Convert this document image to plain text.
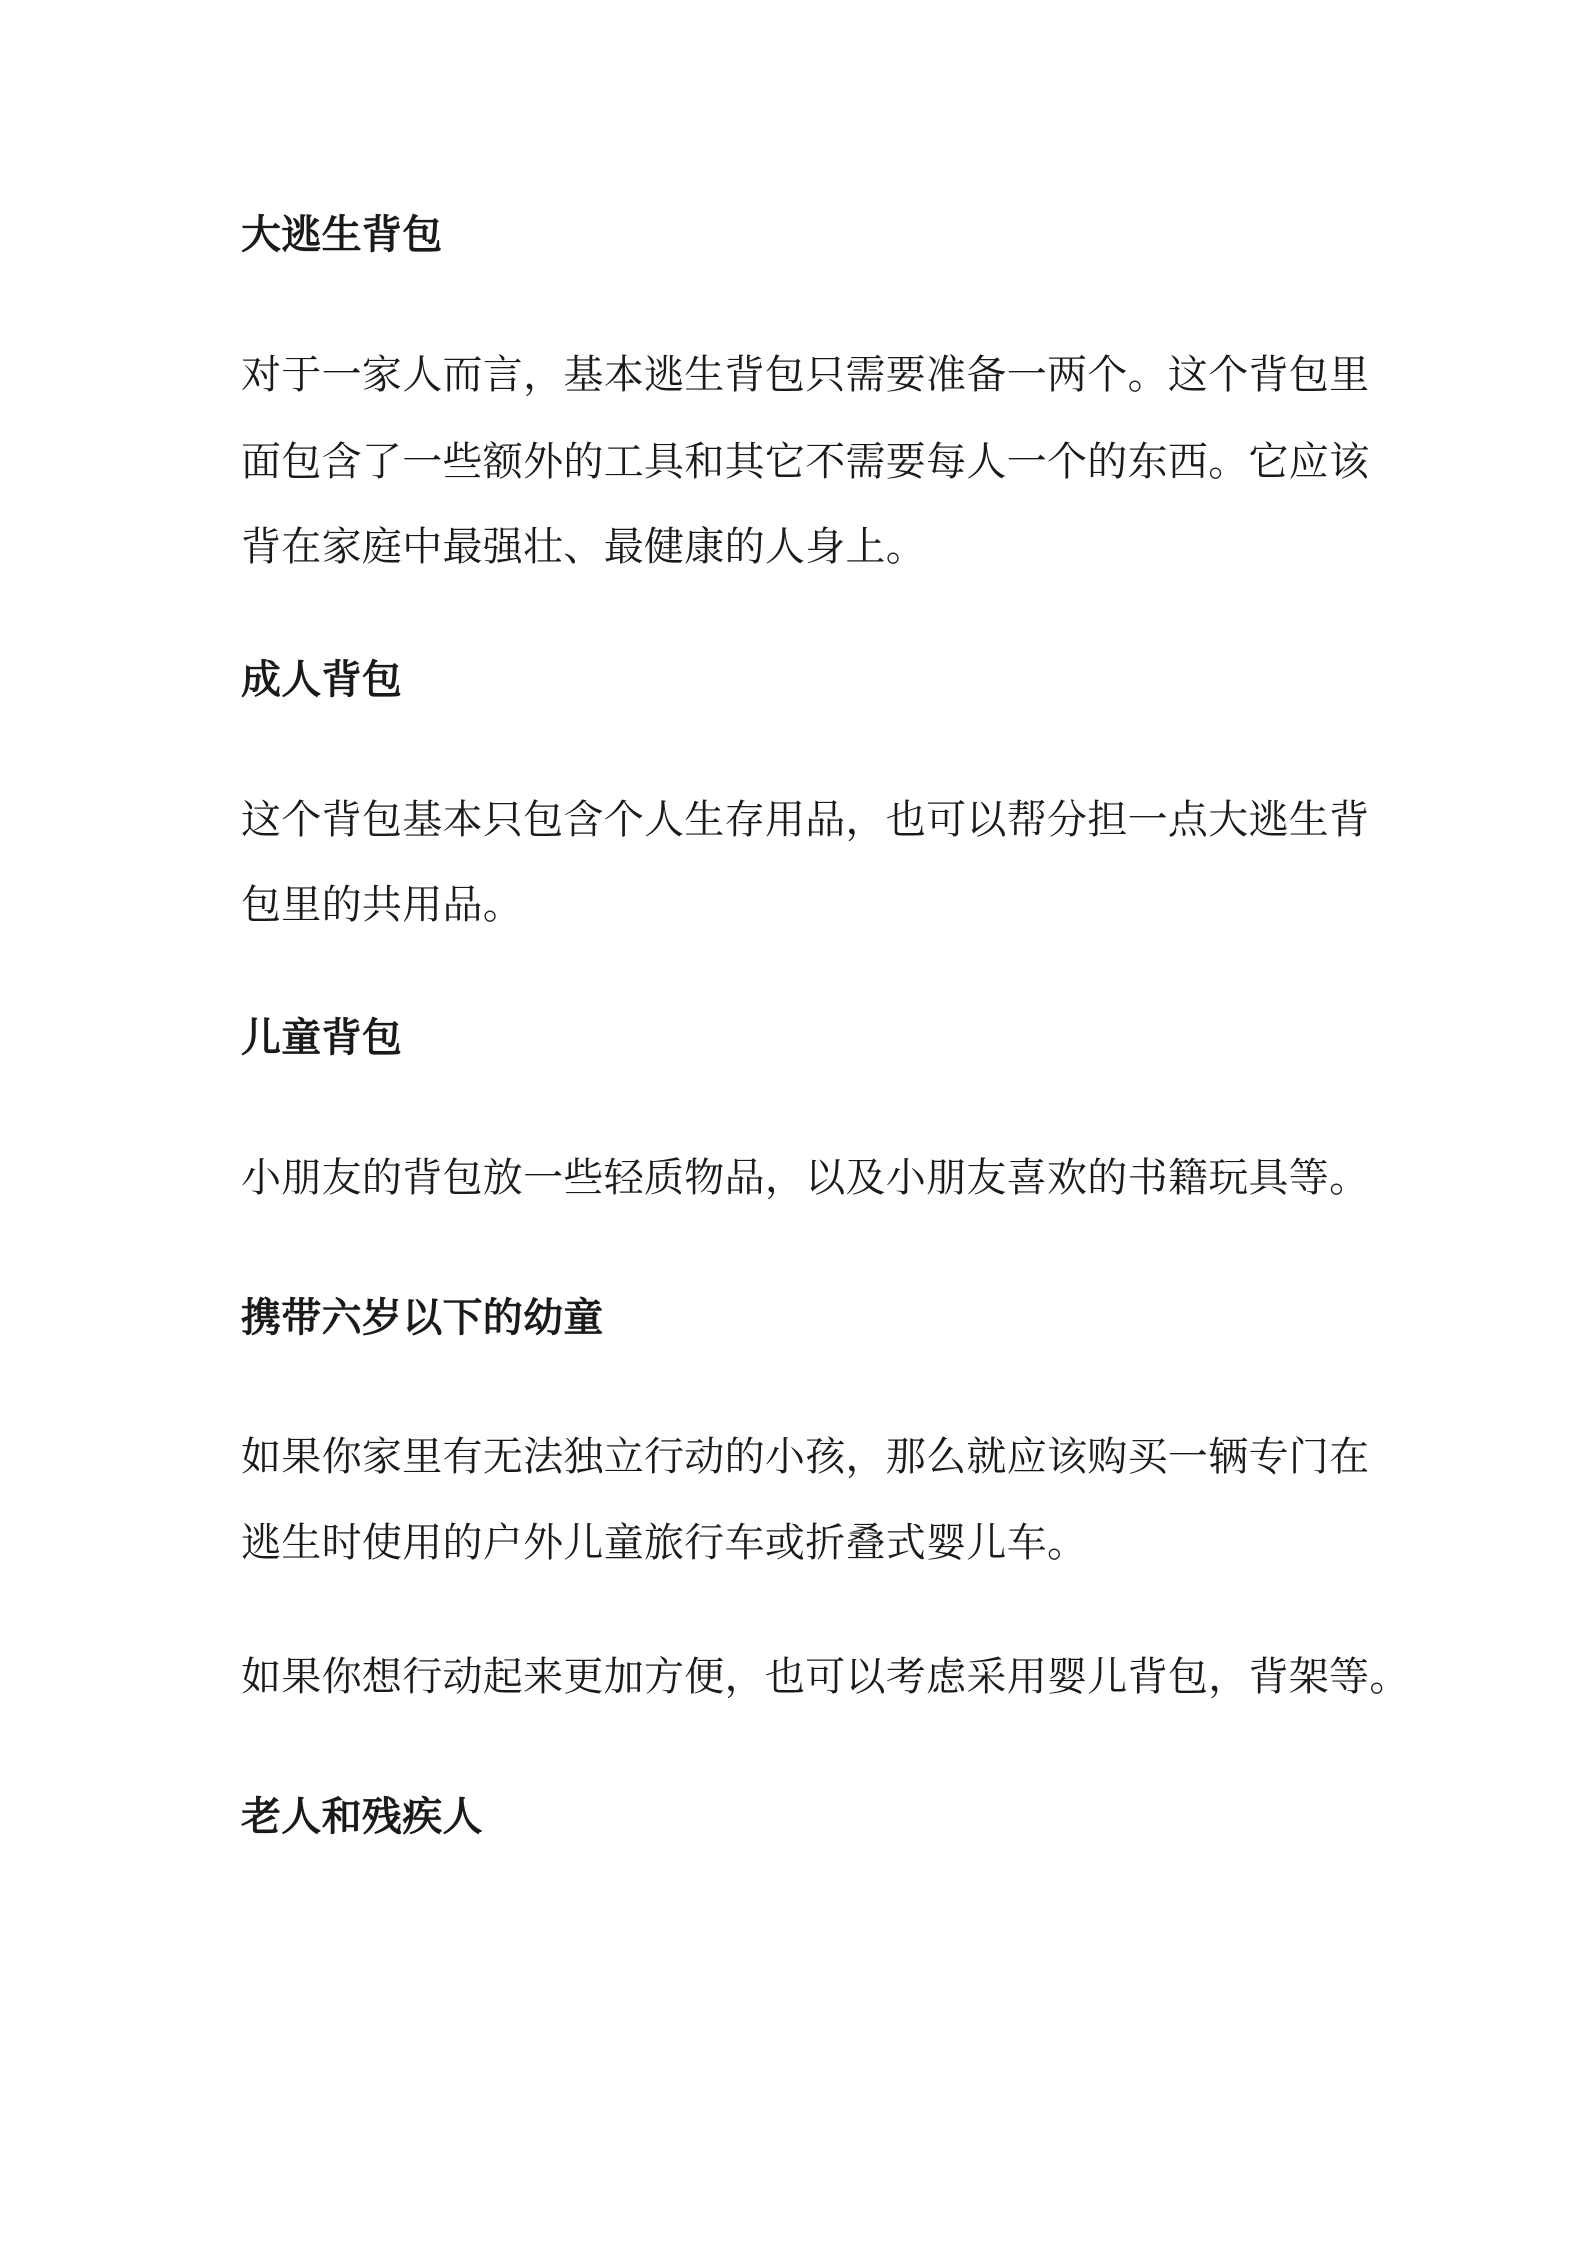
大逃生背包

对于一家人而言，基本逃生背包只需要准备一两个。这个背包里

面包含了一些额外的工具和其它不需要每人一个的东西。它应该

背在家庭中最强壮、最健康的人身上。

成人背包

这个背包基本只包含个人生存用品，也可以帮分担一点大逃生背

包里的共用品。

儿童背包

小朋友的背包放一些轻质物品，以及小朋友喜欢的书籍玩具等。

携带六岁以下的幼童

如果你家里有无法独立行动的小孩，那么就应该购买一辆专门在

逃生时使用的户外儿童旅行车或折叠式婴儿车。

如果你想行动起来更加方便，也可以考虑采用婴儿背包，背架等。

老人和残疾人
